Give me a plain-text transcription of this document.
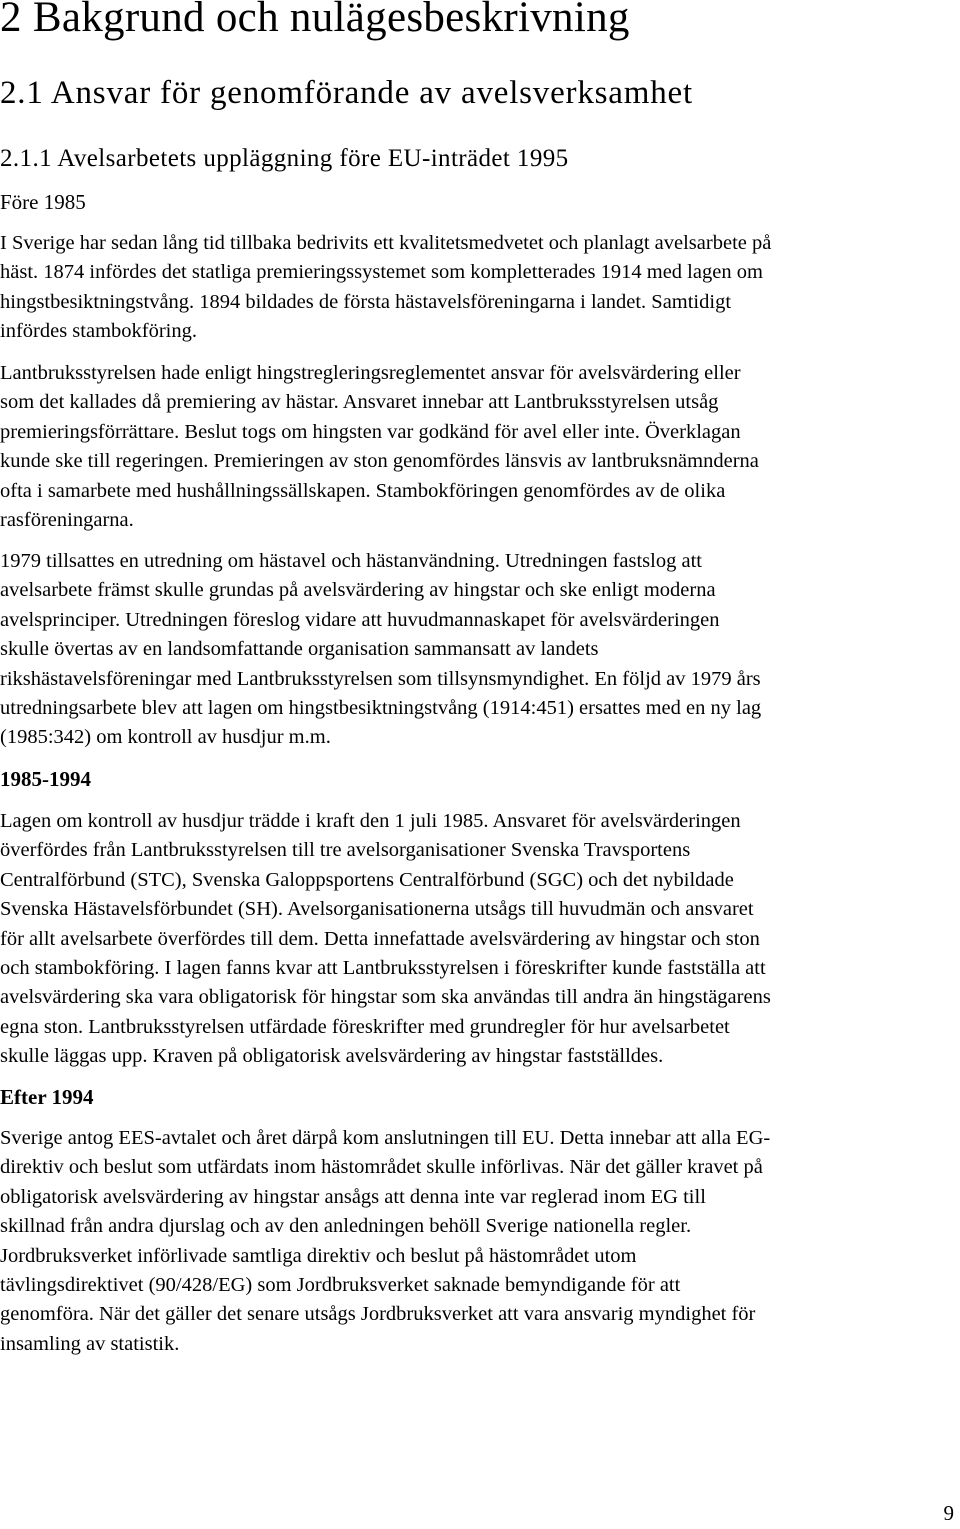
2 Bakgrund och nulägesbeskrivning
2.1 Ansvar för genomförande av avelsverksamhet
2.1.1 Avelsarbetets uppläggning före EU-inträdet 1995
Före 1985

I Sverige har sedan lång tid tillbaka bedrivits ett kvalitetsmedvetet och planlagt avelsarbete på
häst. 1874 infördes det statliga premieringssystemet som kompletterades 1914 med lagen om
hingstbesiktningstvång. 1894 bildades de första hästavelsföreningarna i landet. Samtidigt
infördes stambokföring.

Lantbruksstyrelsen hade enligt hingstregleringsreglementet ansvar för avelsvärdering eller
som det kallades då premiering av hästar. Ansvaret innebar att Lantbruksstyrelsen utsåg
premieringsförrättare. Beslut togs om hingsten var godkänd för avel eller inte. Överklagan
kunde ske till regeringen. Premieringen av ston genomfördes länsvis av lantbruksnämnderna
ofta i samarbete med hushållningssällskapen. Stambokföringen genomfördes av de olika
rasföreningarna.

1979 tillsattes en utredning om hästavel och hästanvändning. Utredningen fastslog att
avelsarbete främst skulle grundas på avelsvärdering av hingstar och ske enligt moderna
avelsprinciper. Utredningen föreslog vidare att huvudmannaskapet för avelsvärderingen
skulle övertas av en landsomfattande organisation sammansatt av landets
rikshästavelsföreningar med Lantbruksstyrelsen som tillsynsmyndighet. En följd av 1979 års
utredningsarbete blev att lagen om hingstbesiktningstvång (1914:451) ersattes med en ny lag
(1985:342) om kontroll av husdjur m.m.

1985-1994

Lagen om kontroll av husdjur trädde i kraft den 1 juli 1985. Ansvaret för avelsvärderingen
överfördes från Lantbruksstyrelsen till tre avelsorganisationer Svenska Travsportens
Centralförbund (STC), Svenska Galoppsportens Centralförbund (SGC) och det nybildade
Svenska Hästavelsförbundet (SH). Avelsorganisationerna utsågs till huvudmän och ansvaret
för allt avelsarbete överfördes till dem. Detta innefattade avelsvärdering av hingstar och ston
och stambokföring. I lagen fanns kvar att Lantbruksstyrelsen i föreskrifter kunde fastställa att
avelsvärdering ska vara obligatorisk för hingstar som ska användas till andra än hingstägarens
egna ston. Lantbruksstyrelsen utfärdade föreskrifter med grundregler för hur avelsarbetet
skulle läggas upp. Kraven på obligatorisk avelsvärdering av hingstar fastställdes.

Efter 1994

Sverige antog EES-avtalet och året därpå kom anslutningen till EU. Detta innebar att alla EG-
direktiv och beslut som utfärdats inom hästområdet skulle införlivas. När det gäller kravet på
obligatorisk avelsvärdering av hingstar ansågs att denna inte var reglerad inom EG till
skillnad från andra djurslag och av den anledningen behöll Sverige nationella regler.
Jordbruksverket införlivade samtliga direktiv och beslut på hästområdet utom
tävlingsdirektivet (90/428/EG) som Jordbruksverket saknade bemyndigande för att
genomföra. När det gäller det senare utsågs Jordbruksverket att vara ansvarig myndighet för
insamling av statistik.

9
